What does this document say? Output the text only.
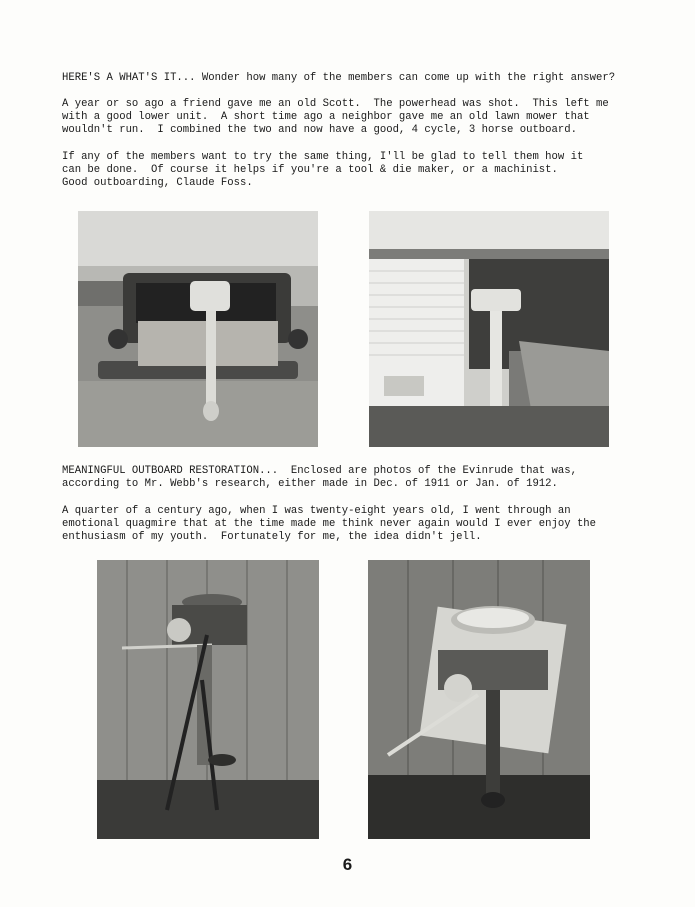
HERE'S A WHAT'S IT... Wonder how many of the members can come up with the right answer?

A year or so ago a friend gave me an old Scott.  The powerhead was shot.  This left me
with a good lower unit.  A short time ago a neighbor gave me an old lawn mower that
wouldn't run.  I combined the two and now have a good, 4 cycle, 3 horse outboard.

If any of the members want to try the same thing, I'll be glad to tell them how it
can be done.  Of course it helps if you're a tool & die maker, or a machinist.
Good outboarding, Claude Foss.

MEANINGFUL OUTBOARD RESTORATION...  Enclosed are photos of the Evinrude that was,
according to Mr. Webb's research, either made in Dec. of 1911 or Jan. of 1912.

A quarter of a century ago, when I was twenty-eight years old, I went through an
emotional quagmire that at the time made me think never again would I ever enjoy the
enthusiasm of my youth.  Fortunately for me, the idea didn't jell.

6
